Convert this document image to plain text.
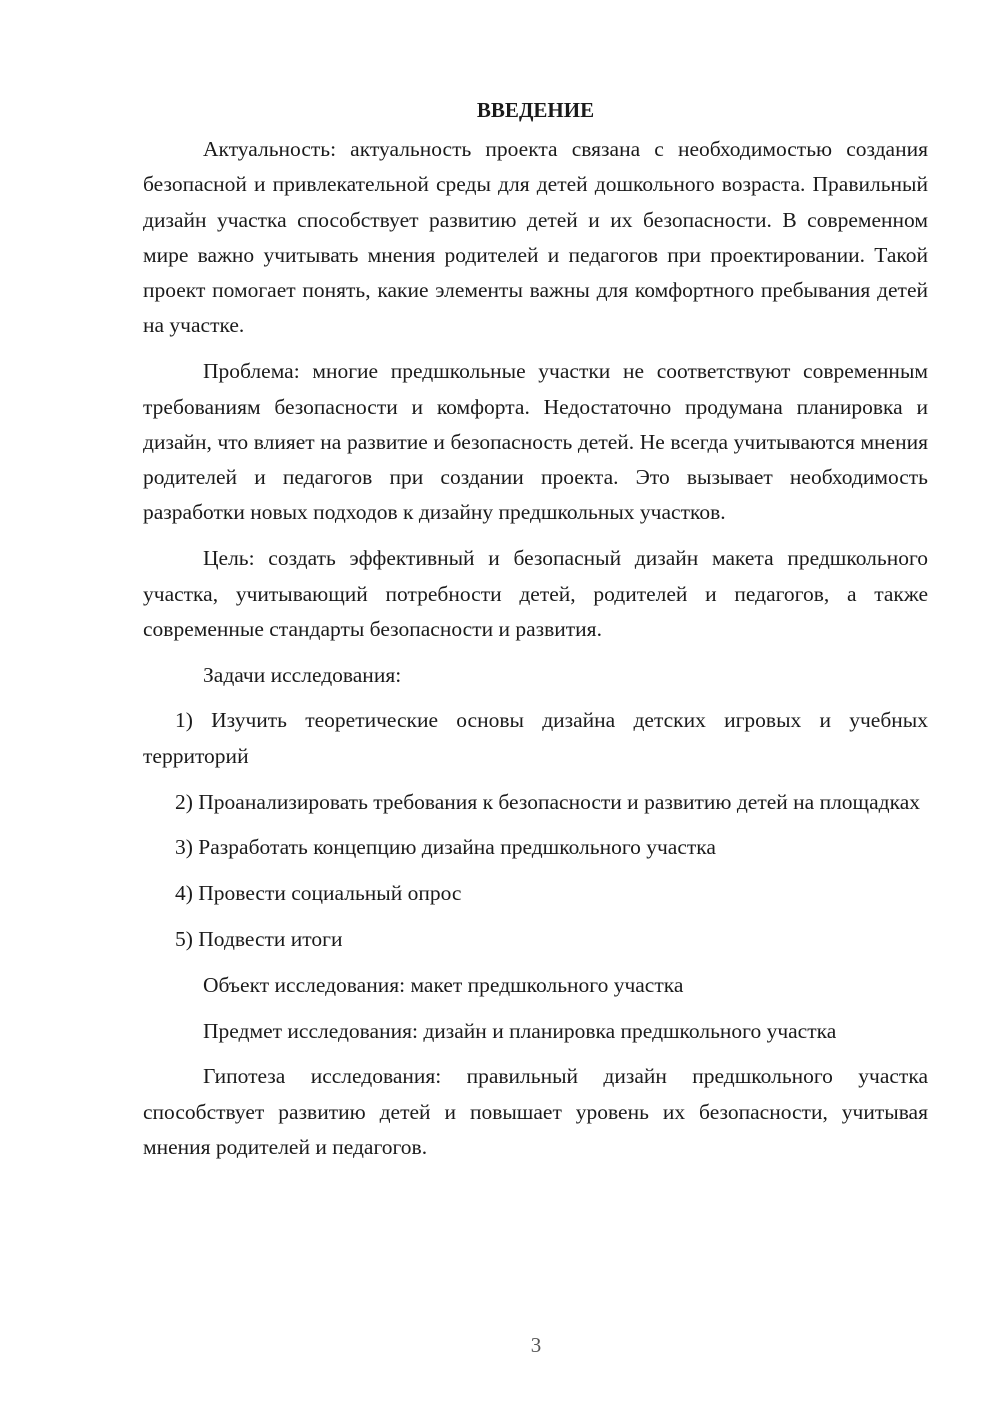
ВВЕДЕНИЕ

Актуальность: актуальность проекта связана с необходимостью создания безопасной и привлекательной среды для детей дошкольного возраста. Правильный дизайн участка способствует развитию детей и их безопасности. В современном мире важно учитывать мнения родителей и педагогов при проектировании. Такой проект помогает понять, какие элементы важны для комфортного пребывания детей на участке.

Проблема: многие предшкольные участки не соответствуют современным требованиям безопасности и комфорта. Недостаточно продумана планировка и дизайн, что влияет на развитие и безопасность детей. Не всегда учитываются мнения родителей и педагогов при создании проекта. Это вызывает необходимость разработки новых подходов к дизайну предшкольных участков.

Цель: создать эффективный и безопасный дизайн макета предшкольного участка, учитывающий потребности детей, родителей и педагогов, а также современные стандарты безопасности и развития.

Задачи исследования:

1) Изучить теоретические основы дизайна детских игровых и учебных территорий

2) Проанализировать требования к безопасности и развитию детей на площадках

3) Разработать концепцию дизайна предшкольного участка

4) Провести социальный опрос

5) Подвести итоги

Объект исследования: макет предшкольного участка

Предмет исследования: дизайн и планировка предшкольного участка

Гипотеза исследования: правильный дизайн предшкольного участка способствует развитию детей и повышает уровень их безопасности, учитывая мнения родителей и педагогов.

3
